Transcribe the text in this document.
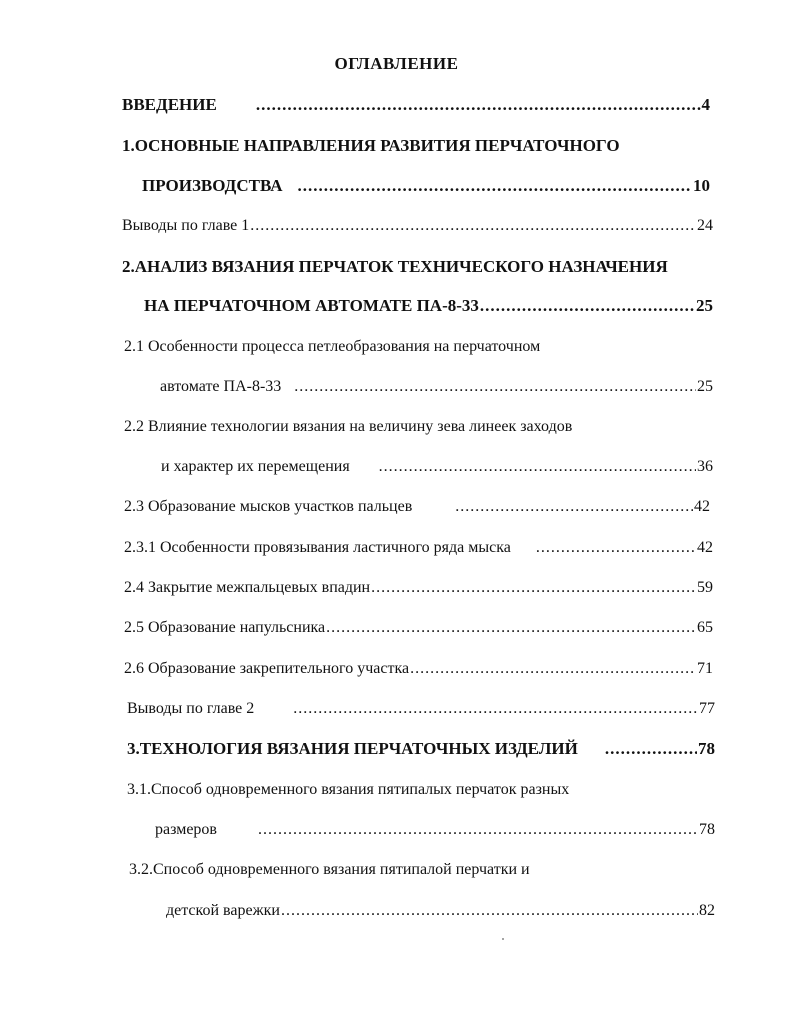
ОГЛАВЛЕНИЕ
ВВЕДЕНИЕ .....	4
1.ОСНОВНЫЕ НАПРАВЛЕНИЯ РАЗВИТИЯ ПЕРЧАТОЧНОГО
ПРОИЗВОДСТВА .....	10
Выводы по главе 1 .....	24
2.АНАЛИЗ ВЯЗАНИЯ ПЕРЧАТОК ТЕХНИЧЕСКОГО НАЗНАЧЕНИЯ
НА ПЕРЧАТОЧНОМ АВТОМАТЕ ПА-8-33 .....	25
2.1 Особенности процесса петлеобразования на перчаточном
автомате ПА-8-33 .....	25
2.2 Влияние технологии вязания на величину зева линеек заходов
и характер их перемещения .....	36
2.3 Образование мысков участков пальцев .....	42
2.3.1 Особенности провязывания ластичного ряда мыска .....	42
2.4 Закрытие межпальцевых впадин .....	59
2.5 Образование напульсника .....	65
2.6 Образование закрепительного участка .....	71
Выводы по главе 2 .....	77
3.ТЕХНОЛОГИЯ ВЯЗАНИЯ ПЕРЧАТОЧНЫХ ИЗДЕЛИЙ .....	78
3.1.Способ одновременного вязания пятипалых перчаток разных
размеров .....	78
3.2.Способ одновременного вязания пятипалой перчатки и
детской варежки .....	82
